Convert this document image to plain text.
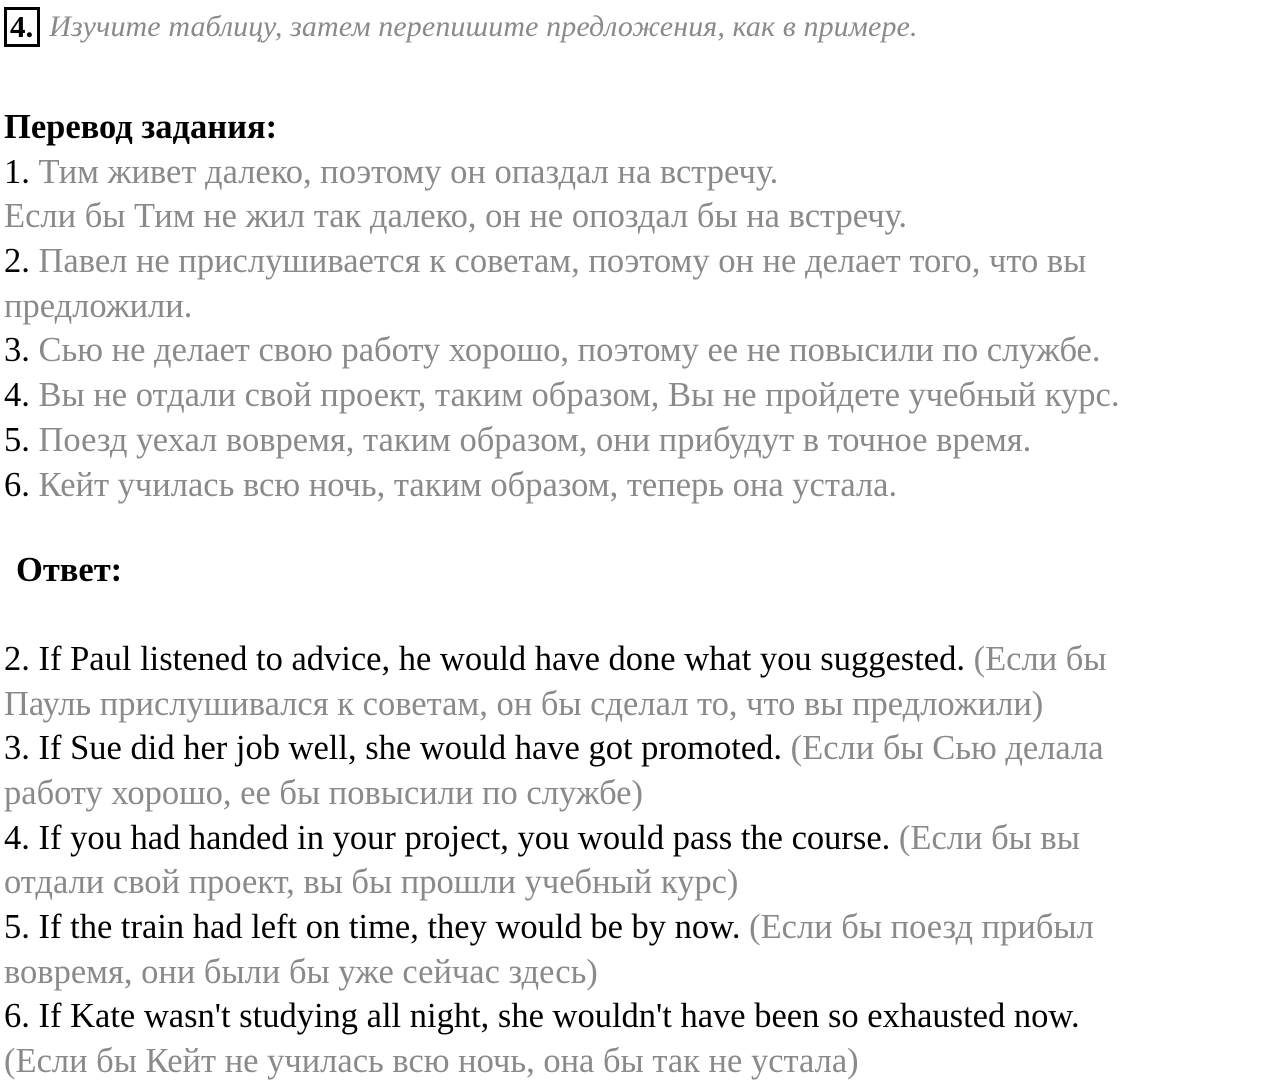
4. Изучите таблицу, затем перепишите предложения, как в примере.
Перевод задания:
1. Тим живет далеко, поэтому он опаздал на встречу.
Если бы Тим не жил так далеко, он не опоздал бы на встречу.
2. Павел не прислушивается к советам, поэтому он не делает того, что вы
предложили.
3. Сью не делает свою работу хорошо, поэтому ее не повысили по службе.
4. Вы не отдали свой проект, таким образом, Вы не пройдете учебный курс.
5. Поезд уехал вовремя, таким образом, они прибудут в точное время.
6. Кейт училась всю ночь, таким образом, теперь она устала.
Ответ:
2. If Paul listened to advice, he would have done what you suggested. (Если бы
Пауль прислушивался к советам, он бы сделал то, что вы предложили)
3. If Sue did her job well, she would have got promoted. (Если бы Сью делала
работу хорошо, ее бы повысили по службе)
4. If you had handed in your project, you would pass the course. (Если бы вы
отдали свой проект, вы бы прошли учебный курс)
5. If the train had left on time, they would be by now. (Если бы поезд прибыл
вовремя, они были бы уже сейчас здесь)
6. If Kate wasn't studying all night, she wouldn't have been so exhausted now.
(Если бы Кейт не училась всю ночь, она бы так не устала)
